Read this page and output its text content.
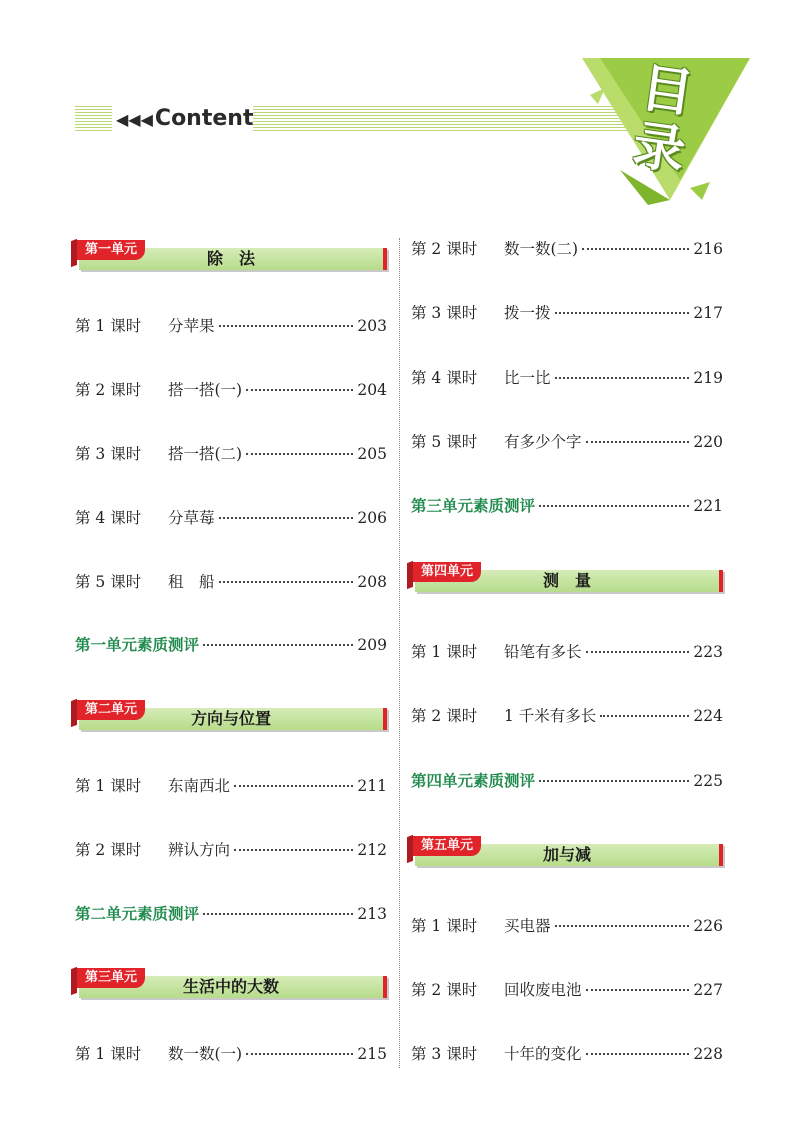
◀◀◀Content	目录
第一单元	除　法
第 1 课时	分苹果	203
第 2 课时	搭一搭(一)	204
第 3 课时	搭一搭(二)	205
第 4 课时	分草莓	206
第 5 课时	租　船	208
第一单元素质测评	209
第二单元	方向与位置
第 1 课时	东南西北	211
第 2 课时	辨认方向	212
第二单元素质测评	213
第三单元	生活中的大数
第 1 课时	数一数(一)	215
第 2 课时	数一数(二)	216
第 3 课时	拨一拨	217
第 4 课时	比一比	219
第 5 课时	有多少个字	220
第三单元素质测评	221
第四单元	测　量
第 1 课时	铅笔有多长	223
第 2 课时	1 千米有多长	224
第四单元素质测评	225
第五单元	加与减
第 1 课时	买电器	226
第 2 课时	回收废电池	227
第 3 课时	十年的变化	228
